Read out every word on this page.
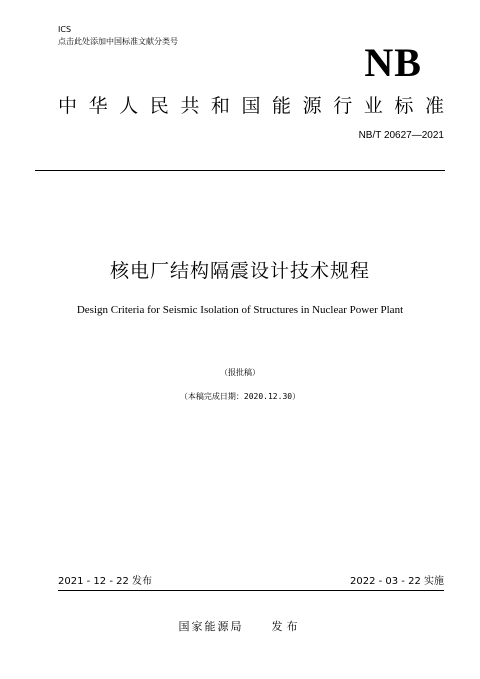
ICS
点击此处添加中国标准文献分类号	NB
中 华 人 民 共 和 国 能 源 行 业 标 准
NB/T 20627—2021
核电厂结构隔震设计技术规程
Design Criteria for Seismic Isolation of Structures in Nuclear Power Plant
（报批稿）
（本稿完成日期：2020.12.30）
2021 - 12 - 22 发布	2022 - 03 - 22 实施
国家能源局	发布
